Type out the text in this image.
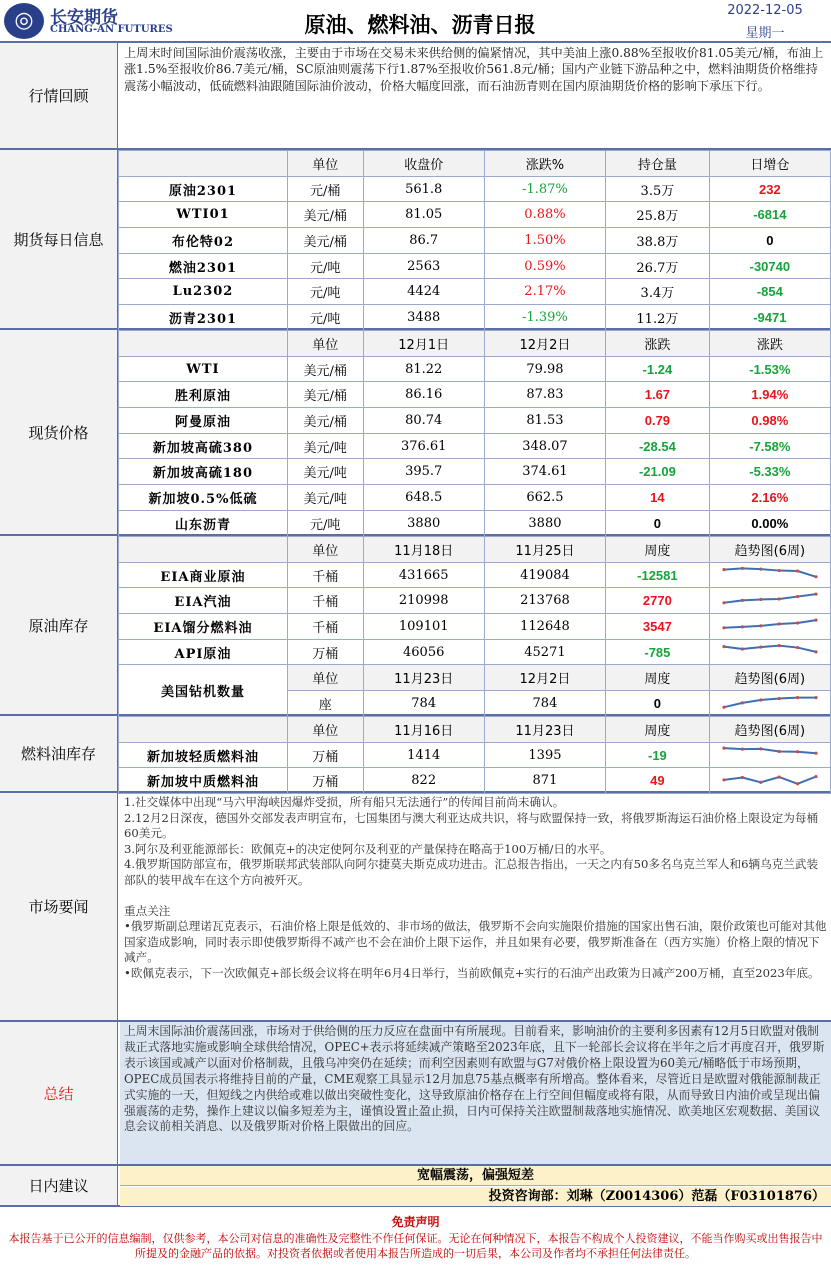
◎ 长安期货
CHANG-AN FUTURES	原油、燃料油、沥青日报
2022-12-05
星期一
行情回顾
上周末时间国际油价震荡收涨，主要由于市场在交易未来供给侧的偏紧情况，其中美油上涨0.88%至报收价81.05美元/桶，布油上涨1.5%至报收价86.7美元/桶，SC原油则震荡下行1.87%至报收价561.8元/桶；国内产业链下游品种之中，燃料油期货价格维持震荡小幅波动，低硫燃料油跟随国际油价波动，价格大幅度回涨，而石油沥青则在国内原油期货价格的影响下承压下行。
期货每日信息
	单位	收盘价	涨跌%	持仓量	日增仓
原油2301	元/桶	561.8	-1.87%	3.5万	232
WTI01	美元/桶	81.05	0.88%	25.8万	-6814
布伦特02	美元/桶	86.7	1.50%	38.8万	0
燃油2301	元/吨	2563	0.59%	26.7万	-30740
Lu2302	元/吨	4424	2.17%	3.4万	-854
沥青2301	元/吨	3488	-1.39%	11.2万	-9471
现货价格
	单位	12月1日	12月2日	涨跌	涨跌
WTI	美元/桶	81.22	79.98	-1.24	-1.53%
胜利原油	美元/桶	86.16	87.83	1.67	1.94%
阿曼原油	美元/桶	80.74	81.53	0.79	0.98%
新加坡高硫380	美元/吨	376.61	348.07	-28.54	-7.58%
新加坡高硫180	美元/吨	395.7	374.61	-21.09	-5.33%
新加坡0.5%低硫	美元/吨	648.5	662.5	14	2.16%
山东沥青	元/吨	3880	3880	0	0.00%
原油库存
	单位	11月18日	11月25日	周度	趋势图(6周)
EIA商业原油	千桶	431665	419084	-12581	

EIA汽油	千桶	210998	213768	2770	

EIA馏分燃料油	千桶	109101	112648	3547	

API原油	万桶	46056	45271	-785	

美国钻机数量	单位	11月23日	12月2日	周度	趋势图(6周)
	座	784	784	0	
燃料油库存
	单位	11月16日	11月23日	周度	趋势图(6周)
新加坡轻质燃料油	万桶	1414	1395	-19	

新加坡中质燃料油	万桶	822	871	49	
市场要闻

1.社交媒体中出现“马六甲海峡因爆炸受损，所有船只无法通行”的传闻目前尚未确认。

2.12月2日深夜，德国外交部发表声明宣布，七国集团与澳大利亚达成共识，将与欧盟保持一致，将俄罗斯海运石油价格上限设定为每桶60美元。

3.阿尔及利亚能源部长：欧佩克+的决定使阿尔及利亚的产量保持在略高于100万桶/日的水平。

4.俄罗斯国防部宣布，俄罗斯联邦武装部队向阿尔捷莫夫斯克成功进击。汇总报告指出，一天之内有50多名乌克兰军人和6辆乌克兰武装部队的装甲战车在这个方向被歼灭。

重点关注

•俄罗斯副总理诺瓦克表示，石油价格上限是低效的、非市场的做法，俄罗斯不会向实施限价措施的国家出售石油，限价政策也可能对其他国家造成影响，同时表示即使俄罗斯得不减产也不会在油价上限下运作，并且如果有必要，俄罗斯准备在（西方实施）价格上限的情况下减产。

•欧佩克表示，下一次欧佩克+部长级会议将在明年6月4日举行，当前欧佩克+实行的石油产出政策为日减产200万桶，直至2023年底。

总结
上周末国际油价震荡回涨，市场对于供给侧的压力反应在盘面中有所展现。目前看来，影响油价的主要利多因素有12月5日欧盟对俄制裁正式落地实施或影响全球供给情况，OPEC+表示将延续减产策略至2023年底，且下一轮部长会议将在半年之后才再度召开，俄罗斯表示该国或减产以面对价格制裁，且俄乌冲突仍在延续；而利空因素则有欧盟与G7对俄价格上限设置为60美元/桶略低于市场预期，OPEC成员国表示将维持目前的产量，CME观察工具显示12月加息75基点概率有所增高。整体看来，尽管近日是欧盟对俄能源制裁正式实施的一天，但短线之内供给或难以做出突破性变化，这导致原油价格存在上行空间但幅度或将有限，从而导致日内油价或呈现出偏强震荡的走势，操作上建议以偏多短差为主，谨慎设置止盈止损，日内可保持关注欧盟制裁落地实施情况、欧美地区宏观数据、美国议息会议前相关消息、以及俄罗斯对价格上限做出的回应。
日内建议
宽幅震荡，偏强短差
投资咨询部：刘琳（Z0014306）范磊（F03101876）
免责声明
本报告基于已公开的信息编制，仅供参考，本公司对信息的准确性及完整性不作任何保证。无论在何种情况下，本报告不构成个人投资建议，不能当作购买或出售报告中所提及的金融产品的依据。对投资者依据或者使用本报告所造成的一切后果，本公司及作者均不承担任何法律责任。
